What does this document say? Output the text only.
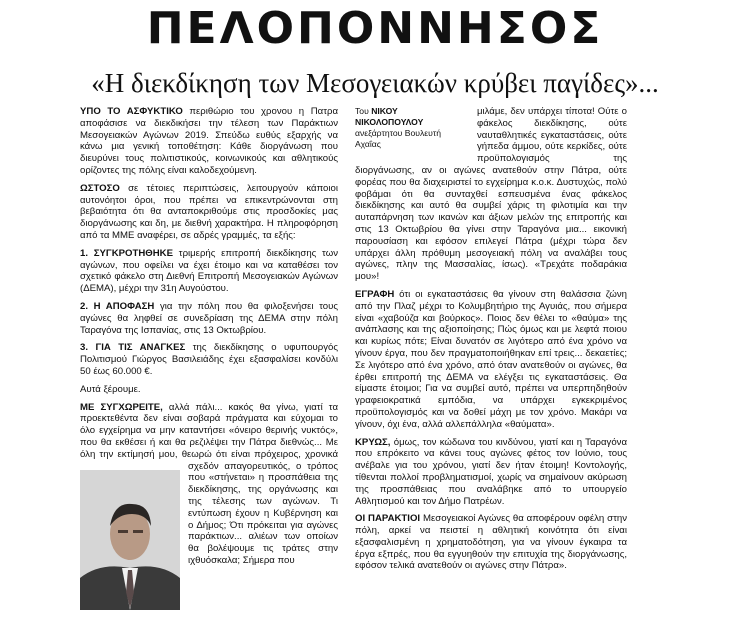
ΠΕΛΟΠΟΝΝΗΣΟΣ
«Η διεκδίκηση των Μεσογειακών κρύβει παγίδες»...

ΥΠΟ ΤΟ ΑΣΦΥΚΤΙΚΟ περιθώριο του χρονου η Πατρα αποφάσισε να διεκδικήσει την τέλεση των Παράκτιων Μεσογειακών Αγώνων 2019. Σπεύδω ευθύς εξαρχής να κάνω μια γενική τοποθέτηση: Κάθε διοργάνωση που διευρύνει τους πολιτιστικούς, κοινωνικούς και αθλητικούς ορίζοντες της πόλης είναι καλοδεχούμενη.

ΩΣΤΟΣΟ σε τέτοιες περιπτώσεις, λειτουργούν κάποιοι αυτονόητοι όροι, που πρέπει να επικεντρώνονται στη βεβαιότητα ότι θα ανταποκριθούμε στις προσδοκίες μας διοργάνωσης και δη, με διεθνή χαρακτήρα. Η πληροφόρηση από τα ΜΜΕ αναφέρει, σε αδρές γραμμές, τα εξής:

1. ΣΥΓΚΡΟΤΗΘΗΚΕ τριμερής επιτροπή διεκδίκησης των αγώνων, που οφείλει να έχει έτοιμο και να καταθέσει τον σχετικό φάκελο στη Διεθνή Επιτροπή Μεσογειακών Αγώνων (ΔΕΜΑ), μέχρι την 31η Αυγούστου.

2. Η ΑΠΟΦΑΣΗ για την πόλη που θα φιλοξενήσει τους αγώνες θα ληφθεί σε συνεδρίαση της ΔΕΜΑ στην πόλη Ταραγόνα της Ισπανίας, στις 13 Οκτωβρίου.

3. ΓΙΑ ΤΙΣ ΑΝΑΓΚΕΣ της διεκδίκησης ο υφυπουργός Πολιτισμού Γιώργος Βασιλειάδης έχει εξασφαλίσει κονδύλι 50 έως 60.000 €.

Αυτά ξέρουμε.

ΜΕ ΣΥΓΧΩΡΕΙΤΕ, αλλά πάλι... κακός θα γίνω, γιατί τα προεκτεθέντα δεν είναι σοβαρά πράγματα και εύχομαι το όλο εγχείρημα να μην καταντήσει «όνειρο θερινής νυκτός», που θα εκθέσει ή και θα ρεζιλέψει την Πάτρα διεθνώς... Με όλη την εκτίμησή μου, θεωρώ ότι είναι πρόχειρος, χρονικά σχεδόν απαγορευτικός, ο τρόπος που «στήνεται» η προσπάθεια της διεκδίκησης, της οργάνωσης και της τέλεσης των αγώνων. Τι εντύπωση έχουν η Κυβέρνηση και ο Δήμος; Ότι πρόκειται για αγώνες παράκτιων... αλιέων των οποίων θα βολέψουμε τις τράτες στην ιχθυόσκαλα; Σήμερα που

Του ΝΙΚΟΥ ΝΙΚΟΛΟΠΟΥΛΟΥ
ανεξάρτητου Βουλευτή Αχαΐας

μιλάμε, δεν υπάρχει τίποτα! Ούτε ο φάκελος διεκδίκησης, ούτε ναυταθλητικές εγκαταστάσεις, ούτε γήπεδα άμμου, ούτε κερκίδες, ούτε προϋπολογισμός της διοργάνωσης, αν οι αγώνες ανατεθούν στην Πάτρα, ούτε φορέας που θα διαχειριστεί το εγχείρημα κ.ο.κ. Δυστυχώς, πολύ φοβάμαι ότι θα συνταχθεί εσπευσμένα ένας φάκελος διεκδίκησης και αυτό θα συμβεί χάρις τη φιλοτιμία και την αυταπάρνηση των ικανών και άξιων μελών της επιτροπής και στις 13 Οκτωβρίου θα γίνει στην Ταραγόνα μια... εικονική παρουσίαση και εφόσον επιλεγεί Πάτρα (μέχρι τώρα δεν υπάρχει άλλη πρόθυμη μεσογειακή πόλη να αναλάβει τους αγώνες, πλην της Μασσαλίας, ίσως). «Τρεχάτε ποδαράκια μου»!

ΕΓΡΑΦΗ ότι οι εγκαταστάσεις θα γίνουν στη θαλάσσια ζώνη από την Πλαζ μέχρι το Κολυμβητήριο της Αγυιάς, που σήμερα είναι «χαβούζα και βούρκος». Ποιος δεν θέλει το «θαύμα» της ανάπλασης και της αξιοποίησης; Πώς όμως και με λεφτά ποιου και κυρίως πότε; Είναι δυνατόν σε λιγότερο από ένα χρόνο να γίνουν έργα, που δεν πραγματοποιήθηκαν επί τρεις... δεκαετίες; Σε λιγότερο από ένα χρόνο, από όταν ανατεθούν οι αγώνες, θα έρθει επιτροπή της ΔΕΜΑ να ελέγξει τις εγκαταστάσεις. Θα είμαστε έτοιμοι; Για να συμβεί αυτό, πρέπει να υπερπηδηθούν γραφειοκρατικά εμπόδια, να υπάρχει εγκεκριμένος προϋπολογισμός και να δοθεί μάχη με τον χρόνο. Μακάρι να γίνουν, όχι ένα, αλλά αλλεπάλληλα «θαύματα».

ΚΡΥΩΣ, όμως, τον κώδωνα του κινδύνου, γιατί και η Ταραγόνα που επρόκειτο να κάνει τους αγώνες φέτος τον Ιούνιο, τους ανέβαλε για του χρόνου, γιατί δεν ήταν έτοιμη! Κοντολογής, τίθενται πολλοί προβληματισμοί, χωρίς να σημαίνουν ακύρωση της προσπάθειας που αναλάβηκε από το υπουργείο Αθλητισμού και τον Δήμο Πατρέων.

ΟΙ ΠΑΡΑΚΤΙΟΙ Μεσογειακοί Αγώνες θα αποφέρουν οφέλη στην πόλη, αρκεί να πειστεί η αθλητική κοινότητα ότι είναι εξασφαλισμένη η χρηματοδότηση, για να γίνουν έγκαιρα τα έργα εξπρές, που θα εγγυηθούν την επιτυχία της διοργάνωσης, εφόσον τελικά ανατεθούν οι αγώνες στην Πάτρα».
